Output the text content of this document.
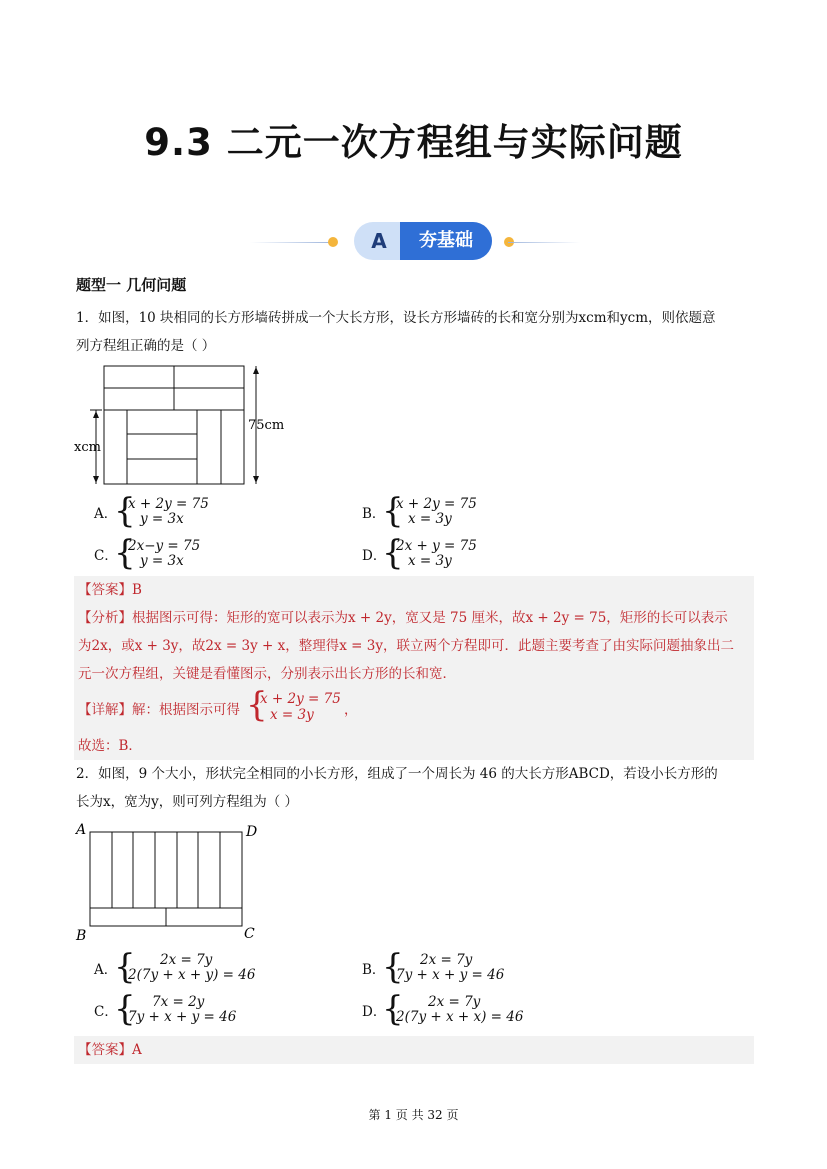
9.3 二元一次方程组与实际问题
A	夯基础
题型一 几何问题
1．如图，10 块相同的长方形墙砖拼成一个大长方形，设长方形墙砖的长和宽分别为xcm和ycm，则依题意
列方程组正确的是（ ）
xcm
75cm
A．
{
x + 2y = 75
y = 3x	B．
{
x + 2y = 75
x = 3y
C．
{
2x−y = 75
y = 3x	D．
{
2x + y = 75
x = 3y
【答案】B
【分析】根据图示可得：矩形的宽可以表示为x + 2y，宽又是 75 厘米，故x + 2y = 75，矩形的长可以表示
为2x，或x + 3y，故2x = 3y + x，整理得x = 3y，联立两个方程即可．此题主要考查了由实际问题抽象出二
元一次方程组，关键是看懂图示，分别表示出长方形的长和宽．
【详解】解：根据图示可得 {
x + 2y = 75
x = 3y ，
故选：B．
2．如图，9 个大小，形状完全相同的小长方形，组成了一个周长为 46 的大长方形ABCD，若设小长方形的
长为x，宽为y，则可列方程组为（ ）
A	D
B	C
A．
{ 2x = 7y
2(7y + x + y) = 46	B．
{ 2x = 7y
7y + x + y = 46
C．
{ 7x = 2y
7y + x + y = 46	D．
{ 2x = 7y
2(7y + x + x) = 46
【答案】A
第 1 页 共 32 页
